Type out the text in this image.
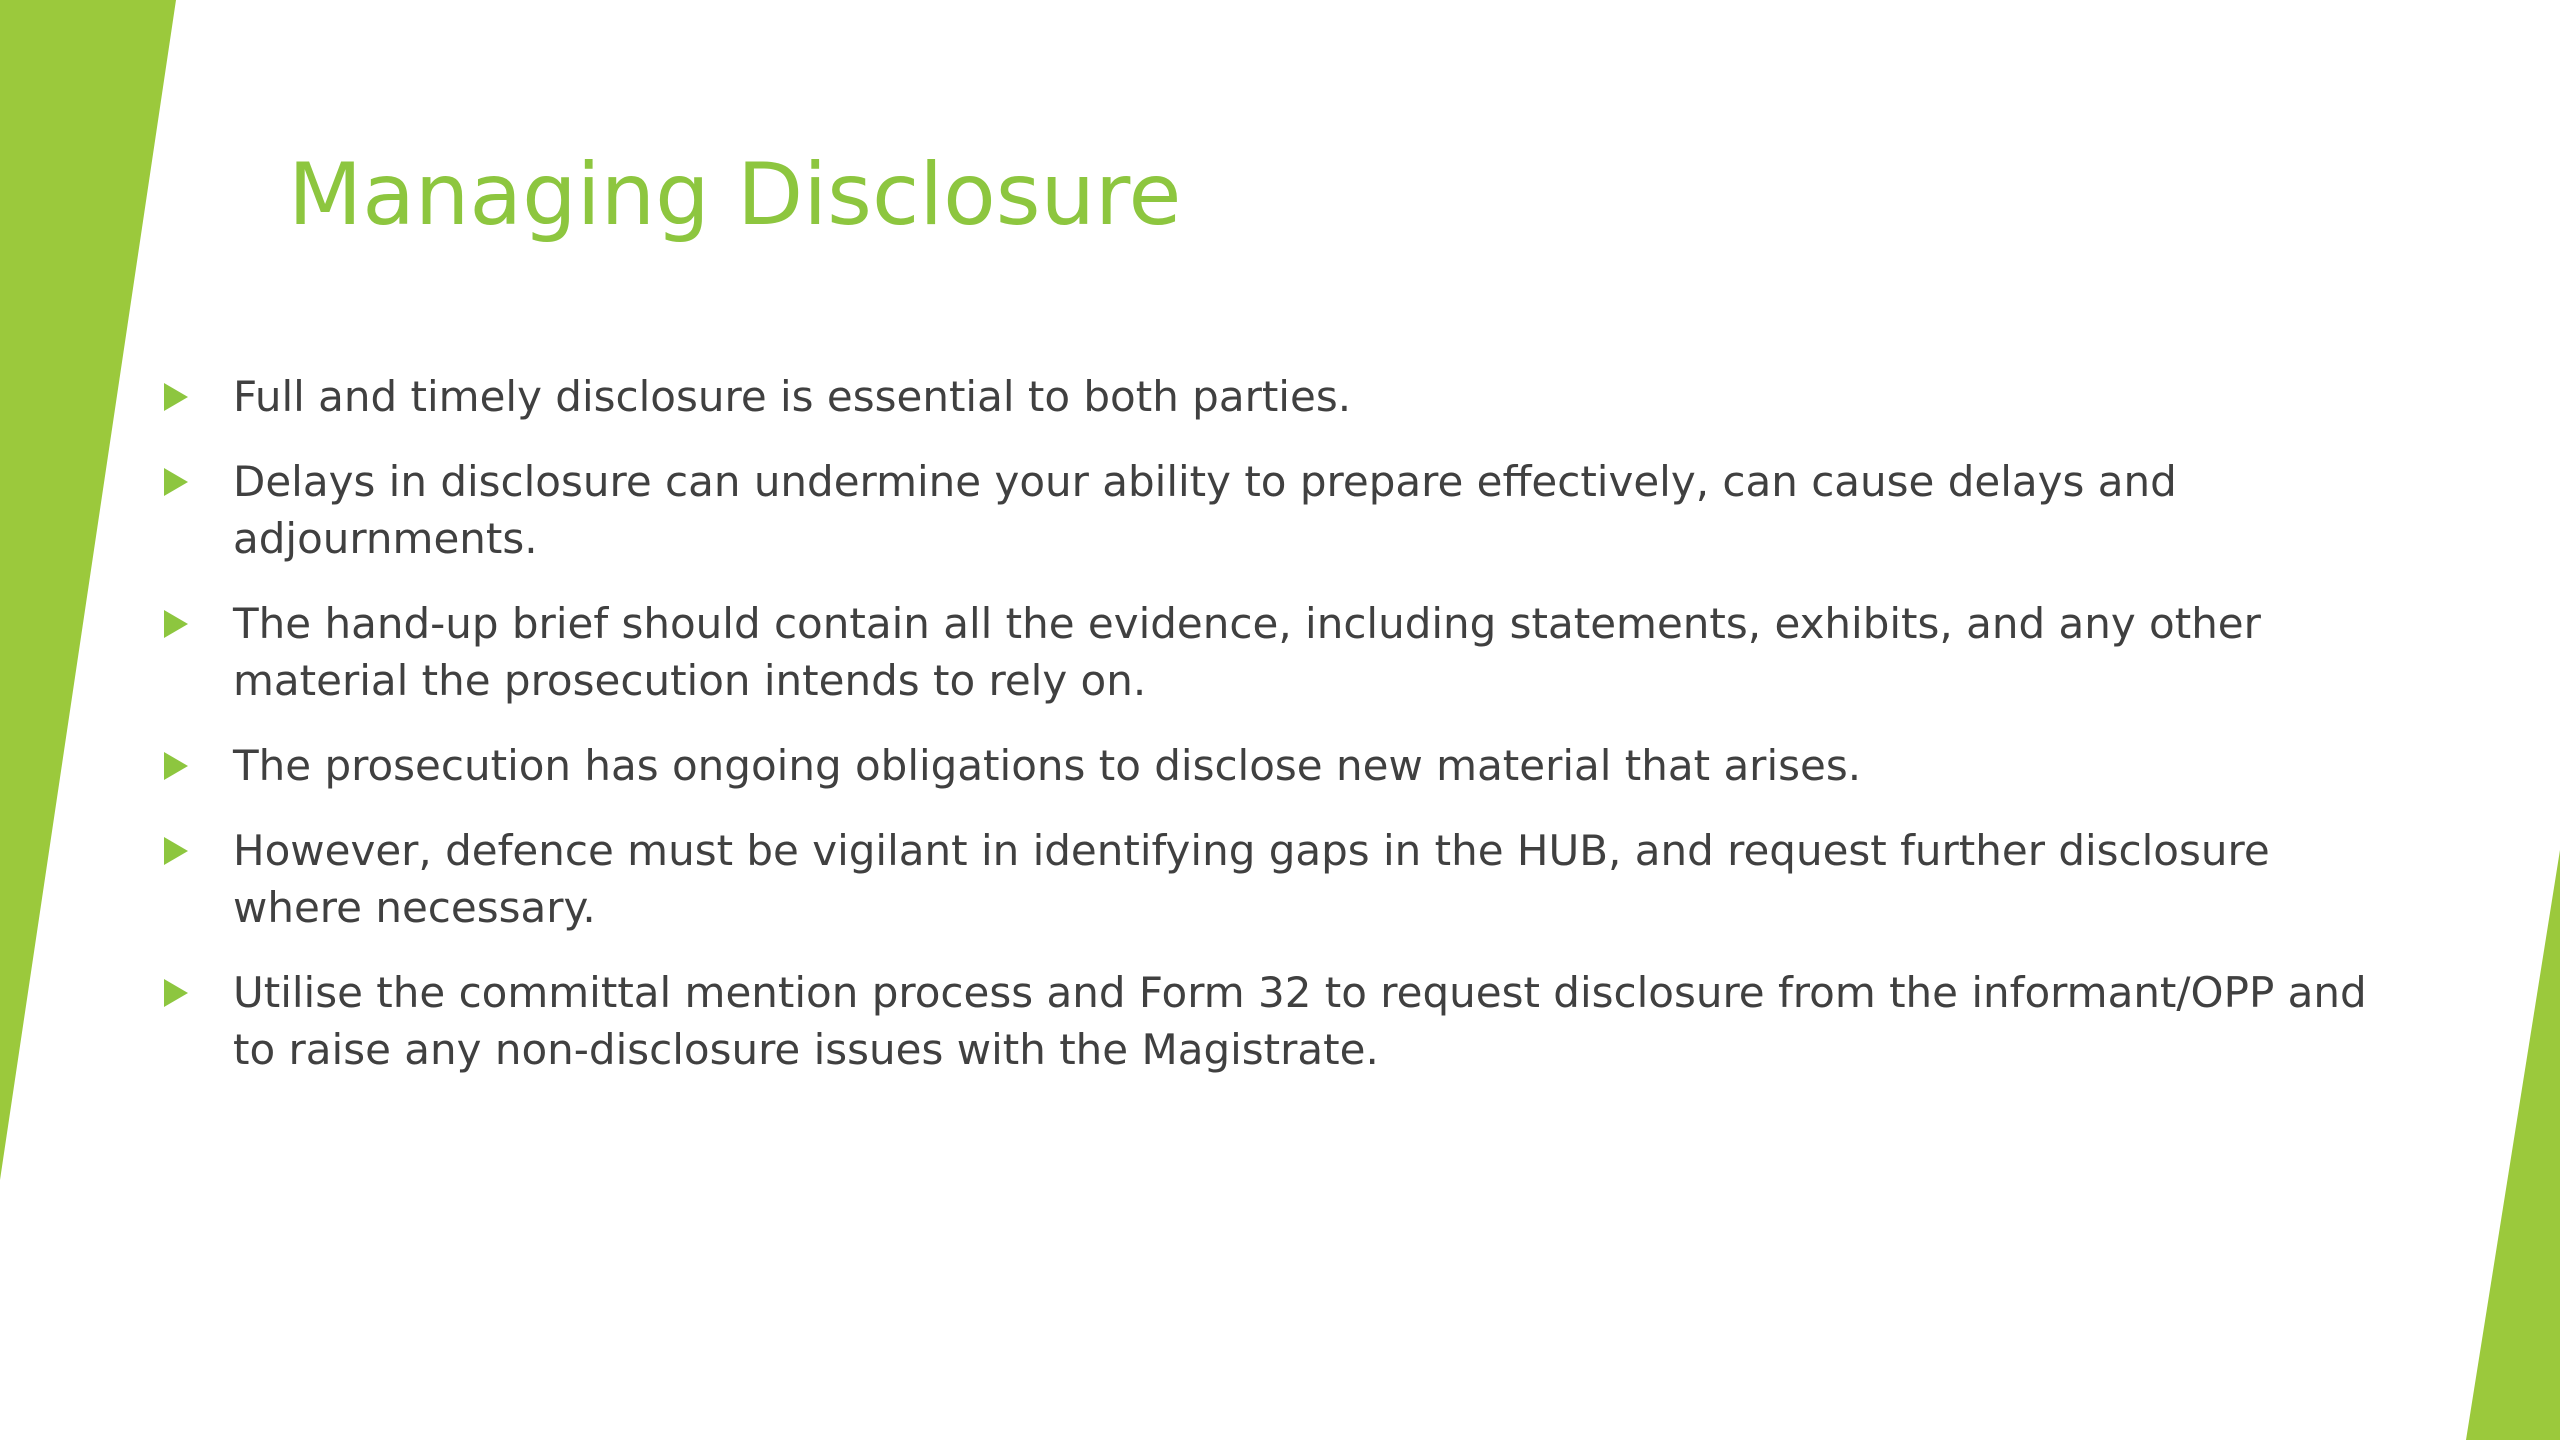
Managing Disclosure
Full and timely disclosure is essential to both parties.
Delays in disclosure can undermine your ability to prepare effectively, can cause delays and adjournments.
The hand-up brief should contain all the evidence, including statements, exhibits, and any other material the prosecution intends to rely on.
The prosecution has ongoing obligations to disclose new material that arises.
However, defence must be vigilant in identifying gaps in the HUB, and request further disclosure where necessary.
Utilise the committal mention process and Form 32 to request disclosure from the informant/OPP and to raise any non-disclosure issues with the Magistrate.
